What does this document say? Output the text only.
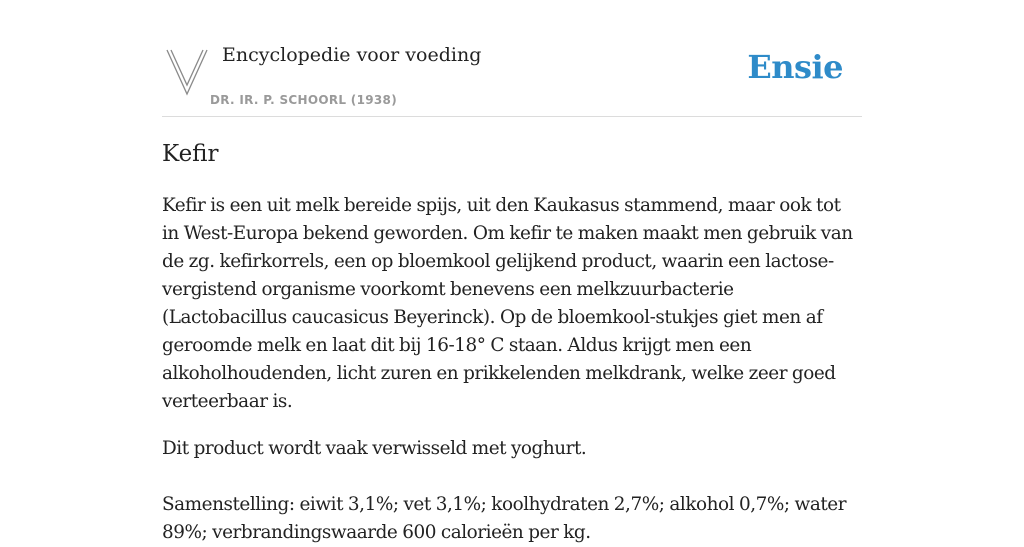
Encyclopedie voor voeding
DR. IR. P. SCHOORL (1938)
Ensie
Kefir

Kefir is een uit melk bereide spijs, uit den Kaukasus stammend, maar ook tot in West-Europa bekend geworden. Om kefir te maken maakt men gebruik van de zg. kefirkorrels, een op bloemkool gelijkend product, waarin een lactose-vergistend organisme voorkomt benevens een melkzuurbacterie (Lactobacillus caucasicus Beyerinck). Op de bloemkool-stukjes giet men af geroomde melk en laat dit bij 16-18° C staan. Aldus krijgt men een alkoholhoudenden, licht zuren en prikkelenden melkdrank, welke zeer goed verteerbaar is.

Dit product wordt vaak verwisseld met yoghurt.

Samenstelling: eiwit 3,1%; vet 3,1%; koolhydraten 2,7%; alkohol 0,7%; water 89%; verbrandingswaarde 600 calorieën per kg.
